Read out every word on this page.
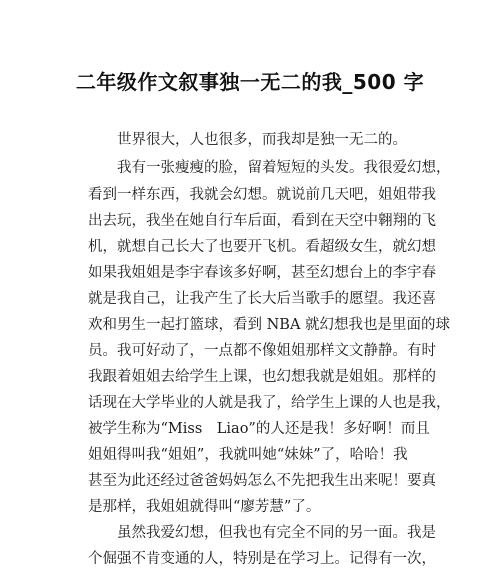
二年级作文叙事独一无二的我_500 字
　　世界很大，人也很多，而我却是独一无二的。
　　我有一张瘦瘦的脸，留着短短的头发。我很爱幻想，
看到一样东西，我就会幻想。就说前几天吧，姐姐带我
出去玩，我坐在她自行车后面，看到在天空中翱翔的飞
机，就想自己长大了也要开飞机。看超级女生，就幻想
如果我姐姐是李宇春该多好啊，甚至幻想台上的李宇春
就是我自己，让我产生了长大后当歌手的愿望。我还喜
欢和男生一起打篮球，看到 NBA 就幻想我也是里面的球
员。我可好动了，一点都不像姐姐那样文文静静。有时
我跟着姐姐去给学生上课，也幻想我就是姐姐。那样的
话现在大学毕业的人就是我了，给学生上课的人也是我，
被学生称为“Miss　Liao”的人还是我！多好啊！而且
姐姐得叫我“姐姐”，我就叫她“妹妹”了，哈哈！我
甚至为此还经过爸爸妈妈怎么不先把我生出来呢！要真
是那样，我姐姐就得叫“廖芳慧”了。
　　虽然我爱幻想，但我也有完全不同的另一面。我是
个倔强不肯变通的人，特别是在学习上。记得有一次，
